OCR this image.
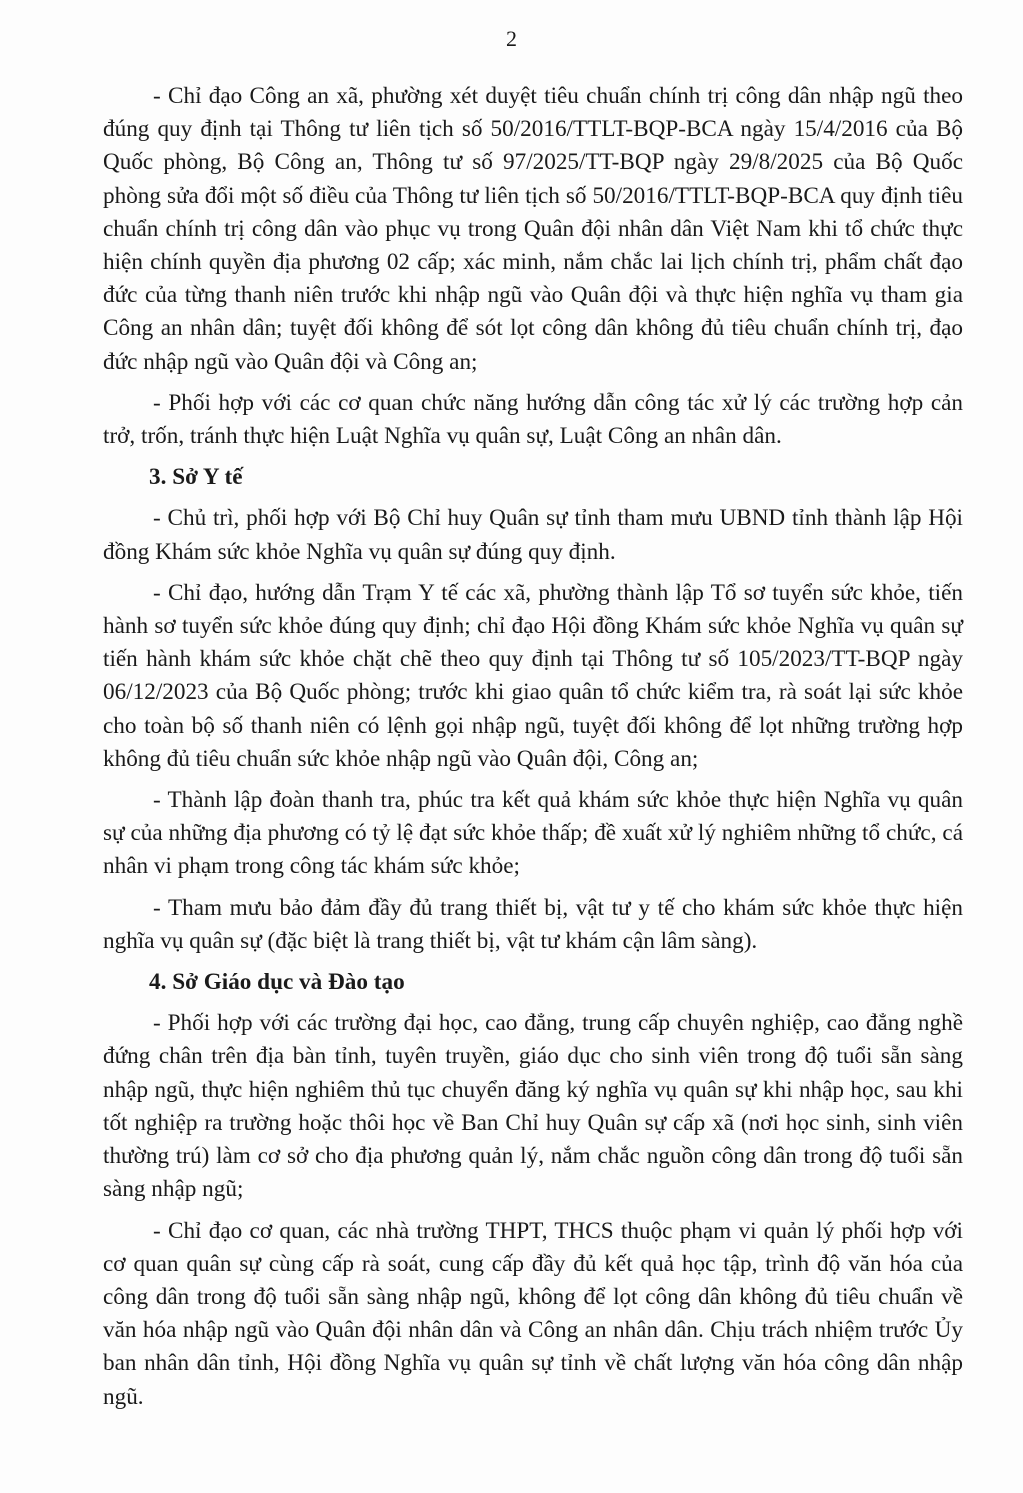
2

- Chỉ đạo Công an xã, phường xét duyệt tiêu chuẩn chính trị công dân nhập ngũ theo đúng quy định tại Thông tư liên tịch số 50/2016/TTLT-BQP-BCA ngày 15/4/2016 của Bộ Quốc phòng, Bộ Công an, Thông tư số 97/2025/TT-BQP ngày 29/8/2025 của Bộ Quốc phòng sửa đổi một số điều của Thông tư liên tịch số 50/2016/TTLT-BQP-BCA quy định tiêu chuẩn chính trị công dân vào phục vụ trong Quân đội nhân dân Việt Nam khi tổ chức thực hiện chính quyền địa phương 02 cấp; xác minh, nắm chắc lai lịch chính trị, phẩm chất đạo đức của từng thanh niên trước khi nhập ngũ vào Quân đội và thực hiện nghĩa vụ tham gia Công an nhân dân; tuyệt đối không để sót lọt công dân không đủ tiêu chuẩn chính trị, đạo đức nhập ngũ vào Quân đội và Công an;

- Phối hợp với các cơ quan chức năng hướng dẫn công tác xử lý các trường hợp cản trở, trốn, tránh thực hiện Luật Nghĩa vụ quân sự, Luật Công an nhân dân.

3. Sở Y tế

- Chủ trì, phối hợp với Bộ Chỉ huy Quân sự tỉnh tham mưu UBND tỉnh thành lập Hội đồng Khám sức khỏe Nghĩa vụ quân sự đúng quy định.

- Chỉ đạo, hướng dẫn Trạm Y tế các xã, phường thành lập Tổ sơ tuyển sức khỏe, tiến hành sơ tuyển sức khỏe đúng quy định; chỉ đạo Hội đồng Khám sức khỏe Nghĩa vụ quân sự tiến hành khám sức khỏe chặt chẽ theo quy định tại Thông tư số 105/2023/TT-BQP ngày 06/12/2023 của Bộ Quốc phòng; trước khi giao quân tổ chức kiểm tra, rà soát lại sức khỏe cho toàn bộ số thanh niên có lệnh gọi nhập ngũ, tuyệt đối không để lọt những trường hợp không đủ tiêu chuẩn sức khỏe nhập ngũ vào Quân đội, Công an;

- Thành lập đoàn thanh tra, phúc tra kết quả khám sức khỏe thực hiện Nghĩa vụ quân sự của những địa phương có tỷ lệ đạt sức khỏe thấp; đề xuất xử lý nghiêm những tổ chức, cá nhân vi phạm trong công tác khám sức khỏe;

- Tham mưu bảo đảm đầy đủ trang thiết bị, vật tư y tế cho khám sức khỏe thực hiện nghĩa vụ quân sự (đặc biệt là trang thiết bị, vật tư khám cận lâm sàng).

4. Sở Giáo dục và Đào tạo

- Phối hợp với các trường đại học, cao đẳng, trung cấp chuyên nghiệp, cao đẳng nghề đứng chân trên địa bàn tỉnh, tuyên truyền, giáo dục cho sinh viên trong độ tuổi sẵn sàng nhập ngũ, thực hiện nghiêm thủ tục chuyển đăng ký nghĩa vụ quân sự khi nhập học, sau khi tốt nghiệp ra trường hoặc thôi học về Ban Chỉ huy Quân sự cấp xã (nơi học sinh, sinh viên thường trú) làm cơ sở cho địa phương quản lý, nắm chắc nguồn công dân trong độ tuổi sẵn sàng nhập ngũ;

- Chỉ đạo cơ quan, các nhà trường THPT, THCS thuộc phạm vi quản lý phối hợp với cơ quan quân sự cùng cấp rà soát, cung cấp đầy đủ kết quả học tập, trình độ văn hóa của công dân trong độ tuổi sẵn sàng nhập ngũ, không để lọt công dân không đủ tiêu chuẩn về văn hóa nhập ngũ vào Quân đội nhân dân và Công an nhân dân. Chịu trách nhiệm trước Ủy ban nhân dân tỉnh, Hội đồng Nghĩa vụ quân sự tỉnh về chất lượng văn hóa công dân nhập ngũ.
